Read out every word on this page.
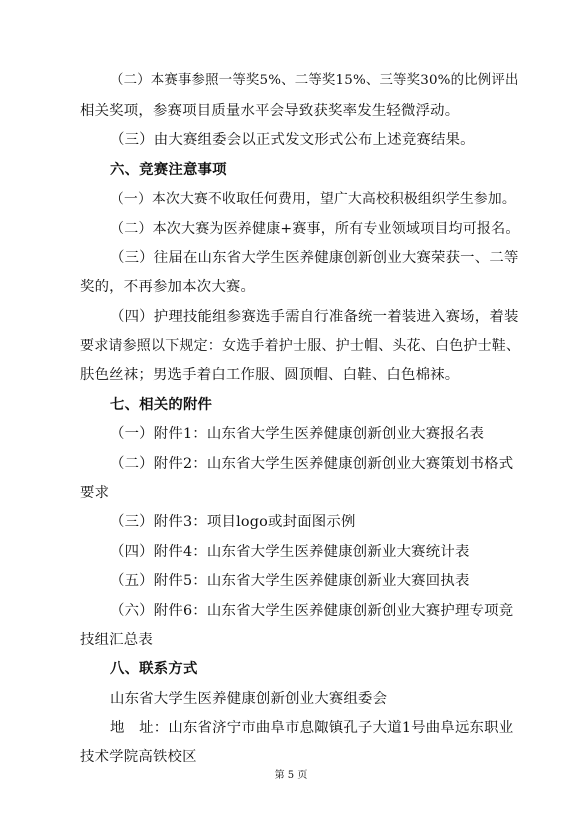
（二）本赛事参照一等奖5%、二等奖15%、三等奖30%的比例评出
相关奖项，参赛项目质量水平会导致获奖率发生轻微浮动。
（三）由大赛组委会以正式发文形式公布上述竞赛结果。
六、竞赛注意事项
（一）本次大赛不收取任何费用，望广大高校积极组织学生参加。
（二）本次大赛为医养健康+赛事，所有专业领域项目均可报名。
（三）往届在山东省大学生医养健康创新创业大赛荣获一、二等
奖的，不再参加本次大赛。
（四）护理技能组参赛选手需自行准备统一着装进入赛场，着装
要求请参照以下规定：女选手着护士服、护士帽、头花、白色护士鞋、
肤色丝袜；男选手着白工作服、圆顶帽、白鞋、白色棉袜。
七、相关的附件
（一）附件1：山东省大学生医养健康创新创业大赛报名表
（二）附件2：山东省大学生医养健康创新创业大赛策划书格式
要求
（三）附件3：项目logo或封面图示例
（四）附件4：山东省大学生医养健康创新业大赛统计表
（五）附件5：山东省大学生医养健康创新业大赛回执表
（六）附件6：山东省大学生医养健康创新创业大赛护理专项竞
技组汇总表
八、联系方式
山东省大学生医养健康创新创业大赛组委会
地　址：山东省济宁市曲阜市息陬镇孔子大道1号曲阜远东职业
技术学院高铁校区
第 5 页
